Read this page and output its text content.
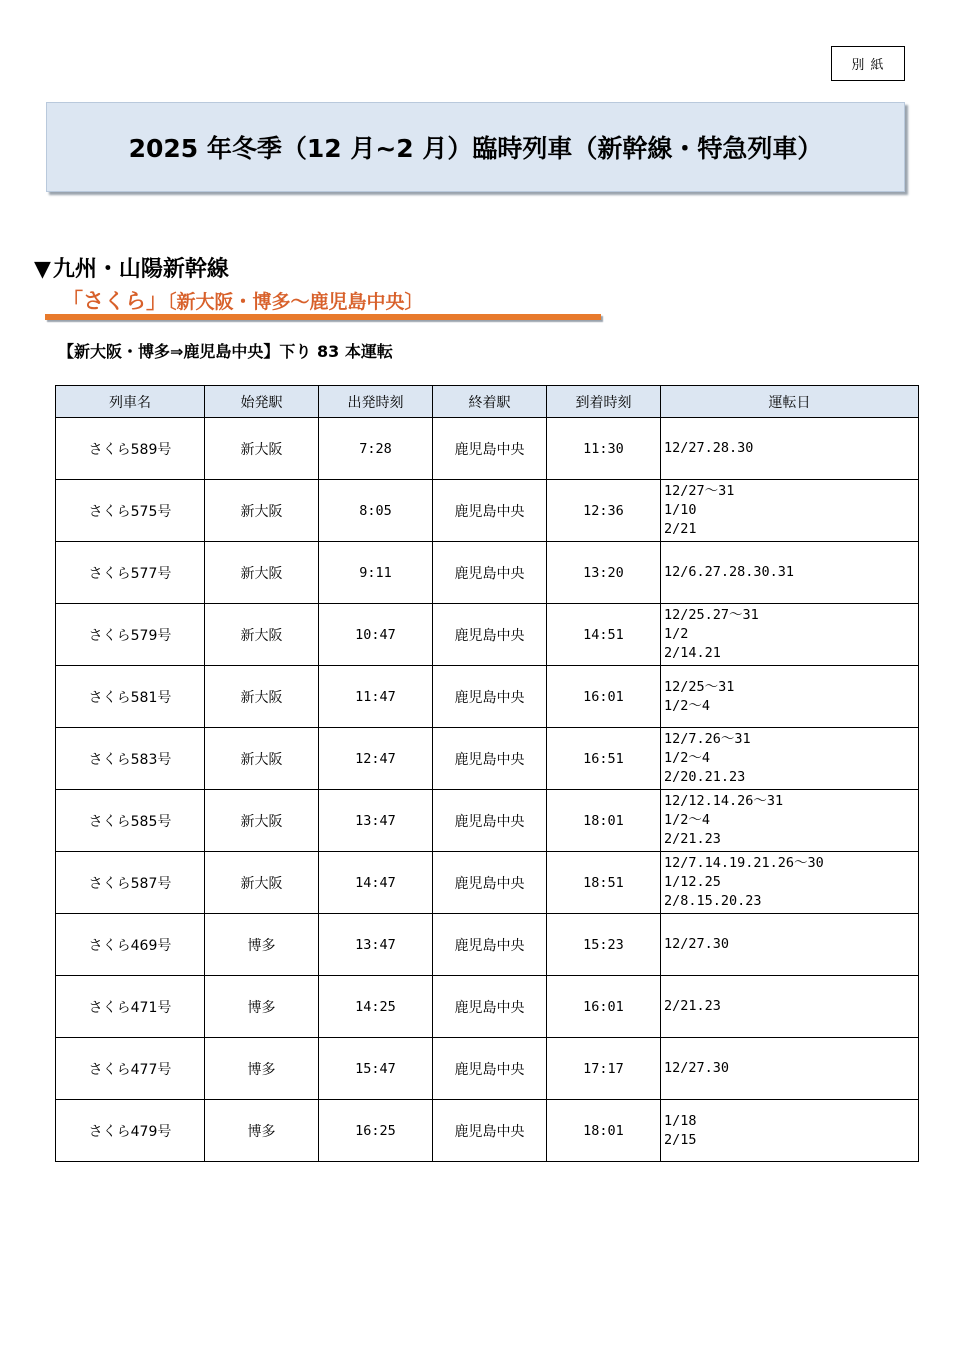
別 紙
2025 年冬季（12 月~2 月）臨時列車（新幹線・特急列車）
▼九州・山陽新幹線
「さくら」〔新大阪・博多～鹿児島中央〕
【新大阪・博多⇒鹿児島中央】下り 83 本運転
列車名	始発駅	出発時刻	終着駅	到着時刻	運転日
さくら589号	新大阪	7:28	鹿児島中央	11:30	12/27.28.30

さくら575号	新大阪	8:05	鹿児島中央	12:36	12/27～31
1/10
2/21

さくら577号	新大阪	9:11	鹿児島中央	13:20	12/6.27.28.30.31

さくら579号	新大阪	10:47	鹿児島中央	14:51	12/25.27～31
1/2
2/14.21

さくら581号	新大阪	11:47	鹿児島中央	16:01	12/25～31
1/2～4

さくら583号	新大阪	12:47	鹿児島中央	16:51	12/7.26～31
1/2～4
2/20.21.23

さくら585号	新大阪	13:47	鹿児島中央	18:01	12/12.14.26～31
1/2～4
2/21.23

さくら587号	新大阪	14:47	鹿児島中央	18:51	12/7.14.19.21.26～30
1/12.25
2/8.15.20.23

さくら469号	博多	13:47	鹿児島中央	15:23	12/27.30

さくら471号	博多	14:25	鹿児島中央	16:01	2/21.23

さくら477号	博多	15:47	鹿児島中央	17:17	12/27.30

さくら479号	博多	16:25	鹿児島中央	18:01	1/18
2/15
